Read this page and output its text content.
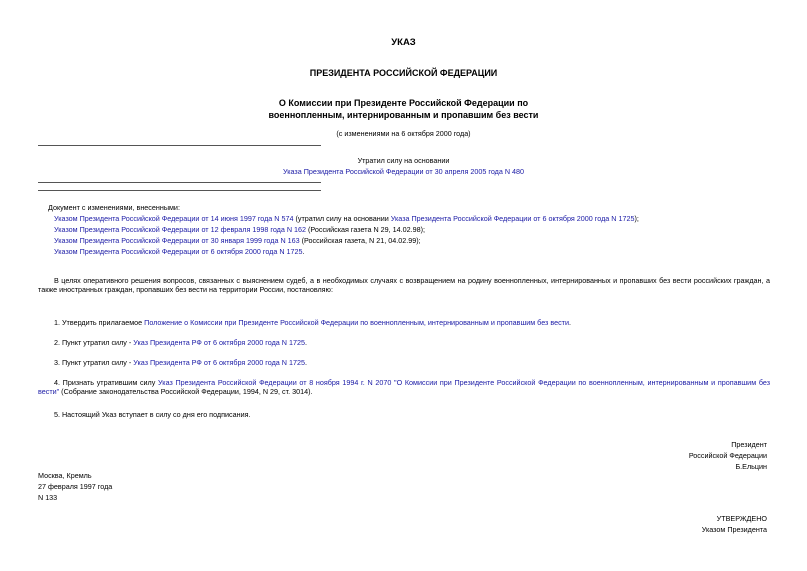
УКАЗ
ПРЕЗИДЕНТА РОССИЙСКОЙ ФЕДЕРАЦИИ
О Комиссии при Президенте Российской Федерации по
военнопленным, интернированным и пропавшим без вести
(с изменениями на 6 октября 2000 года)
Утратил силу на основании
Указа Президента Российской Федерации от 30 апреля 2005 года N 480
Документ с изменениями, внесенными:
Указом Президента Российской Федерации от 14 июня 1997 года N 574 (утратил силу на основании Указа Президента Российской Федерации от 6 октября 2000 года N 1725);
Указом Президента Российской Федерации от 12 февраля 1998 года N 162 (Российская газета N 29, 14.02.98);
Указом Президента Российской Федерации от 30 января 1999 года N 163 (Российская газета, N 21, 04.02.99);
Указом Президента Российской Федерации от 6 октября 2000 года N 1725.
В целях оперативного решения вопросов, связанных с выяснением судеб, а в необходимых случаях с возвращением на родину военнопленных, интернированных и пропавших без вести российских граждан, а также иностранных граждан, пропавших без вести на территории России, постановляю:
1. Утвердить прилагаемое Положение о Комиссии при Президенте Российской Федерации по военнопленным, интернированным и пропавшим без вести.
2. Пункт утратил силу - Указ Президента РФ от 6 октября 2000 года N 1725.
3. Пункт утратил силу - Указ Президента РФ от 6 октября 2000 года N 1725.
4. Признать утратившим силу Указ Президента Российской Федерации от 8 ноября 1994 г. N 2070 "О Комиссии при Президенте Российской Федерации по военнопленным, интернированным и пропавшим без вести" (Собрание законодательства Российской Федерации, 1994, N 29, ст. 3014).
5. Настоящий Указ вступает в силу со дня его подписания.
Президент
Российской Федерации
Б.Ельцин
Москва, Кремль
27 февраля 1997 года
N 133
УТВЕРЖДЕНО
Указом Президента
